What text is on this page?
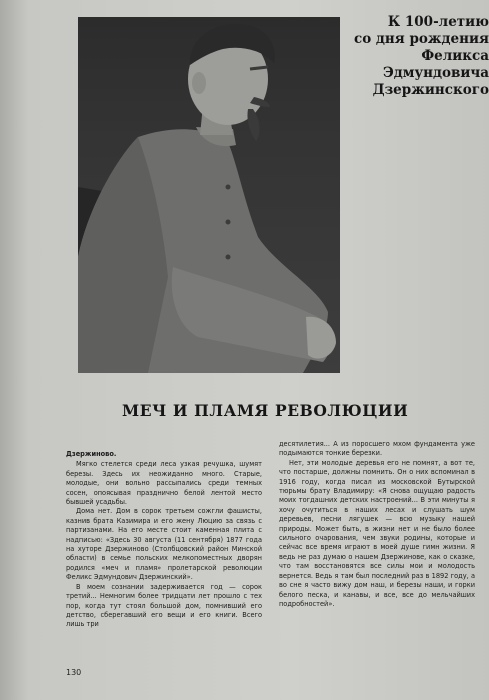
К 100-летию
со дня рождения
Феликса
Эдмундовича
Дзержинского
МЕЧ И ПЛАМЯ РЕВОЛЮЦИИ

Дзержиново.

Мягко стелется среди леса узкая речушка, шумят березы. Здесь их неожиданно много. Старые, молодые, они вольно рассыпались среди темных сосен, опоясывая празднично белой лентой место бывшей усадьбы.

Дома нет. Дом в сорок третьем сожгли фашисты, казнив брата Казимира и его жену Люцию за связь с партизанами. На его месте стоит каменная плита с надписью: «Здесь 30 августа (11 сентября) 1877 года на хуторе Дзержиново (Столбцовский район Минской области) в семье польских мелкопоместных дворян родился «меч и пламя» пролетарской революции Феликс Эдмундович Дзержинский».

В моем сознании задерживается год — сорок третий... Немногим более тридцати лет прошло с тех пор, когда тут стоял большой дом, помнивший его детство, сберегавший его вещи и его книги. Всего лишь три

десятилетия... А из поросшего мхом фундамента уже подымаются тонкие березки.

Нет, эти молодые деревья его не помнят, а вот те, что постарше, должны помнить. Он о них вспоминал в 1916 году, когда писал из московской Бутырской тюрьмы брату Владимиру: «Я снова ощущаю радость моих тогдашних детских настроений... В эти минуты я хочу очутиться в наших лесах и слушать шум деревьев, песни лягушек — всю музыку нашей природы. Может быть, в жизни нет и не было более сильного очарования, чем звуки родины, которые и сейчас все время играют в моей душе гимн жизни. Я ведь не раз думаю о нашем Дзержинове, как о сказке, что там восстановятся все силы мои и молодость вернется. Ведь я там был последний раз в 1892 году, а во сне я часто вижу дом наш, и березы наши, и горки белого песка, и канавы, и все, все до мельчайших подробностей».

130
